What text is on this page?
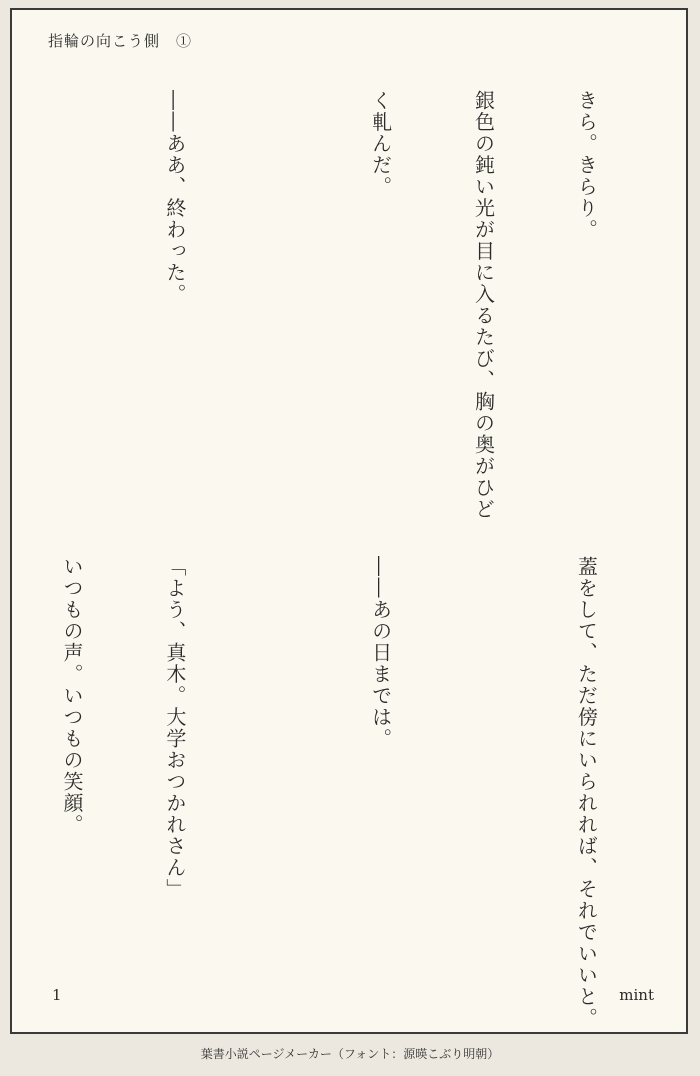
指輪の向こう側　①

きら。きらり。

銀色の鈍い光が目に入るたび、胸の奥がひど

く軋んだ。

――ああ、終わった。

蓋をして、ただ傍にいられれば、それでいいと。

――あの日までは。

「よう、真木。大学おつかれさん」

いつもの声。いつもの笑顔。

1	mint
葉書小説ページメーカー（フォント：源暎こぶり明朝）
